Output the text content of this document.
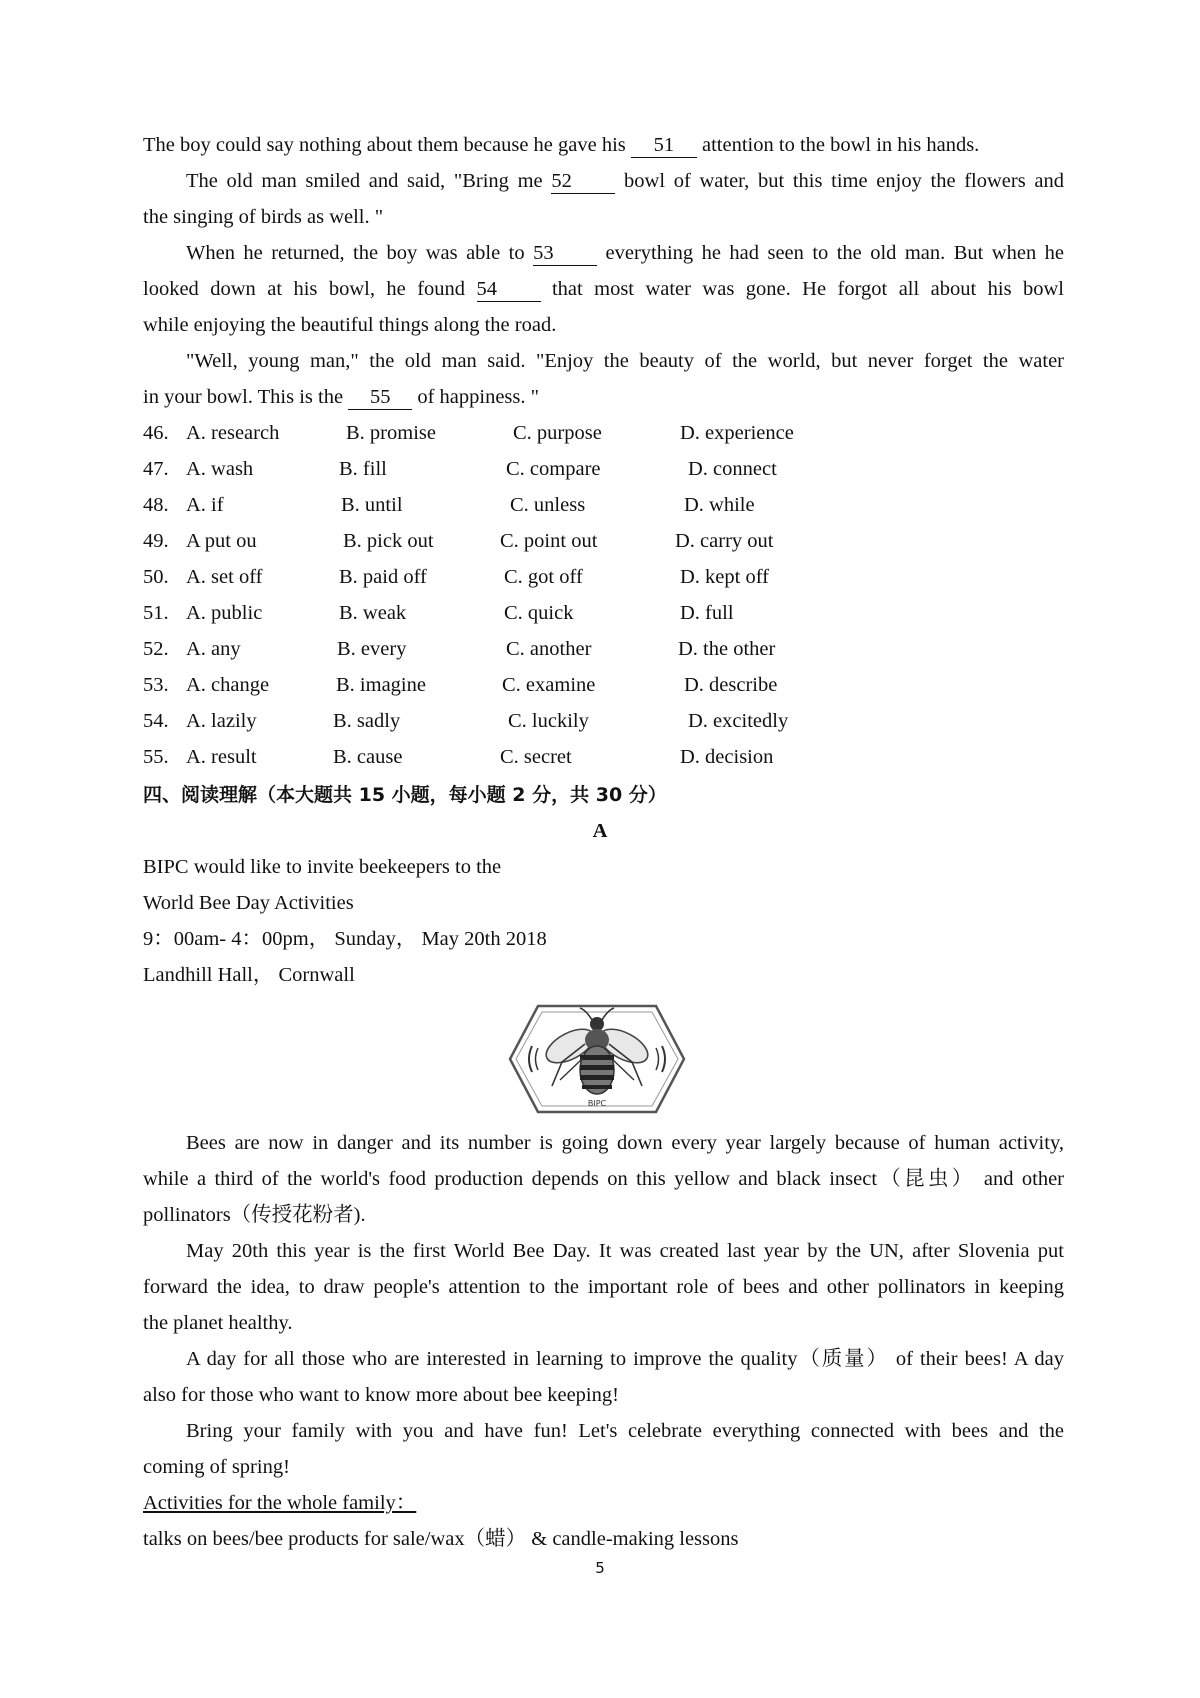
The boy could say nothing about them because he gave his 51 attention to the bowl in his hands.
The old man smiled and said, "Bring me 52 bowl of water, but this time enjoy the flowers and
the singing of birds as well. "
When he returned, the boy was able to 53 everything he had seen to the old man. But when he
looked down at his bowl, he found 54 that most water was gone. He forgot all about his bowl
while enjoying the beautiful things along the road.
"Well, young man," the old man said. "Enjoy the beauty of the world, but never forget the water
in your bowl. This is the 55 of happiness. "
46. A. research	B. promise	C. purpose	D. experience
47. A. wash	B. fill	C. compare	D. connect
48. A. if	B. until	C. unless	D. while
49. A put ou	B. pick out	C. point out	D. carry out
50. A. set off	B. paid off	C. got off	D. kept off
51. A. public	B. weak	C. quick	D. full
52. A. any	B. every	C. another	D. the other
53. A. change	B. imagine	C. examine	D. describe
54. A. lazily	B. sadly	C. luckily	D. excitedly
55. A. result	B. cause	C. secret	D. decision
四、阅读理解（本大题共 15 小题，每小题 2 分，共 30 分）
A
BIPC would like to invite beekeepers to the
World Bee Day Activities
9：00am- 4：00pm， Sunday， May 20th 2018
Landhill Hall， Cornwall
BIPC
Bees are now in danger and its number is going down every year largely because of human activity,
while a third of the world's food production depends on this yellow and black insect（昆虫） and other
pollinators（传授花粉者).
May 20th this year is the first World Bee Day. It was created last year by the UN, after Slovenia put
forward the idea, to draw people's attention to the important role of bees and other pollinators in keeping
the planet healthy.
A day for all those who are interested in learning to improve the quality（质量） of their bees! A day
also for those who want to know more about bee keeping!
Bring your family with you and have fun! Let's celebrate everything connected with bees and the
coming of spring!
Activities for the whole family：
talks on bees/bee products for sale/wax（蜡） & candle-making lessons
5
